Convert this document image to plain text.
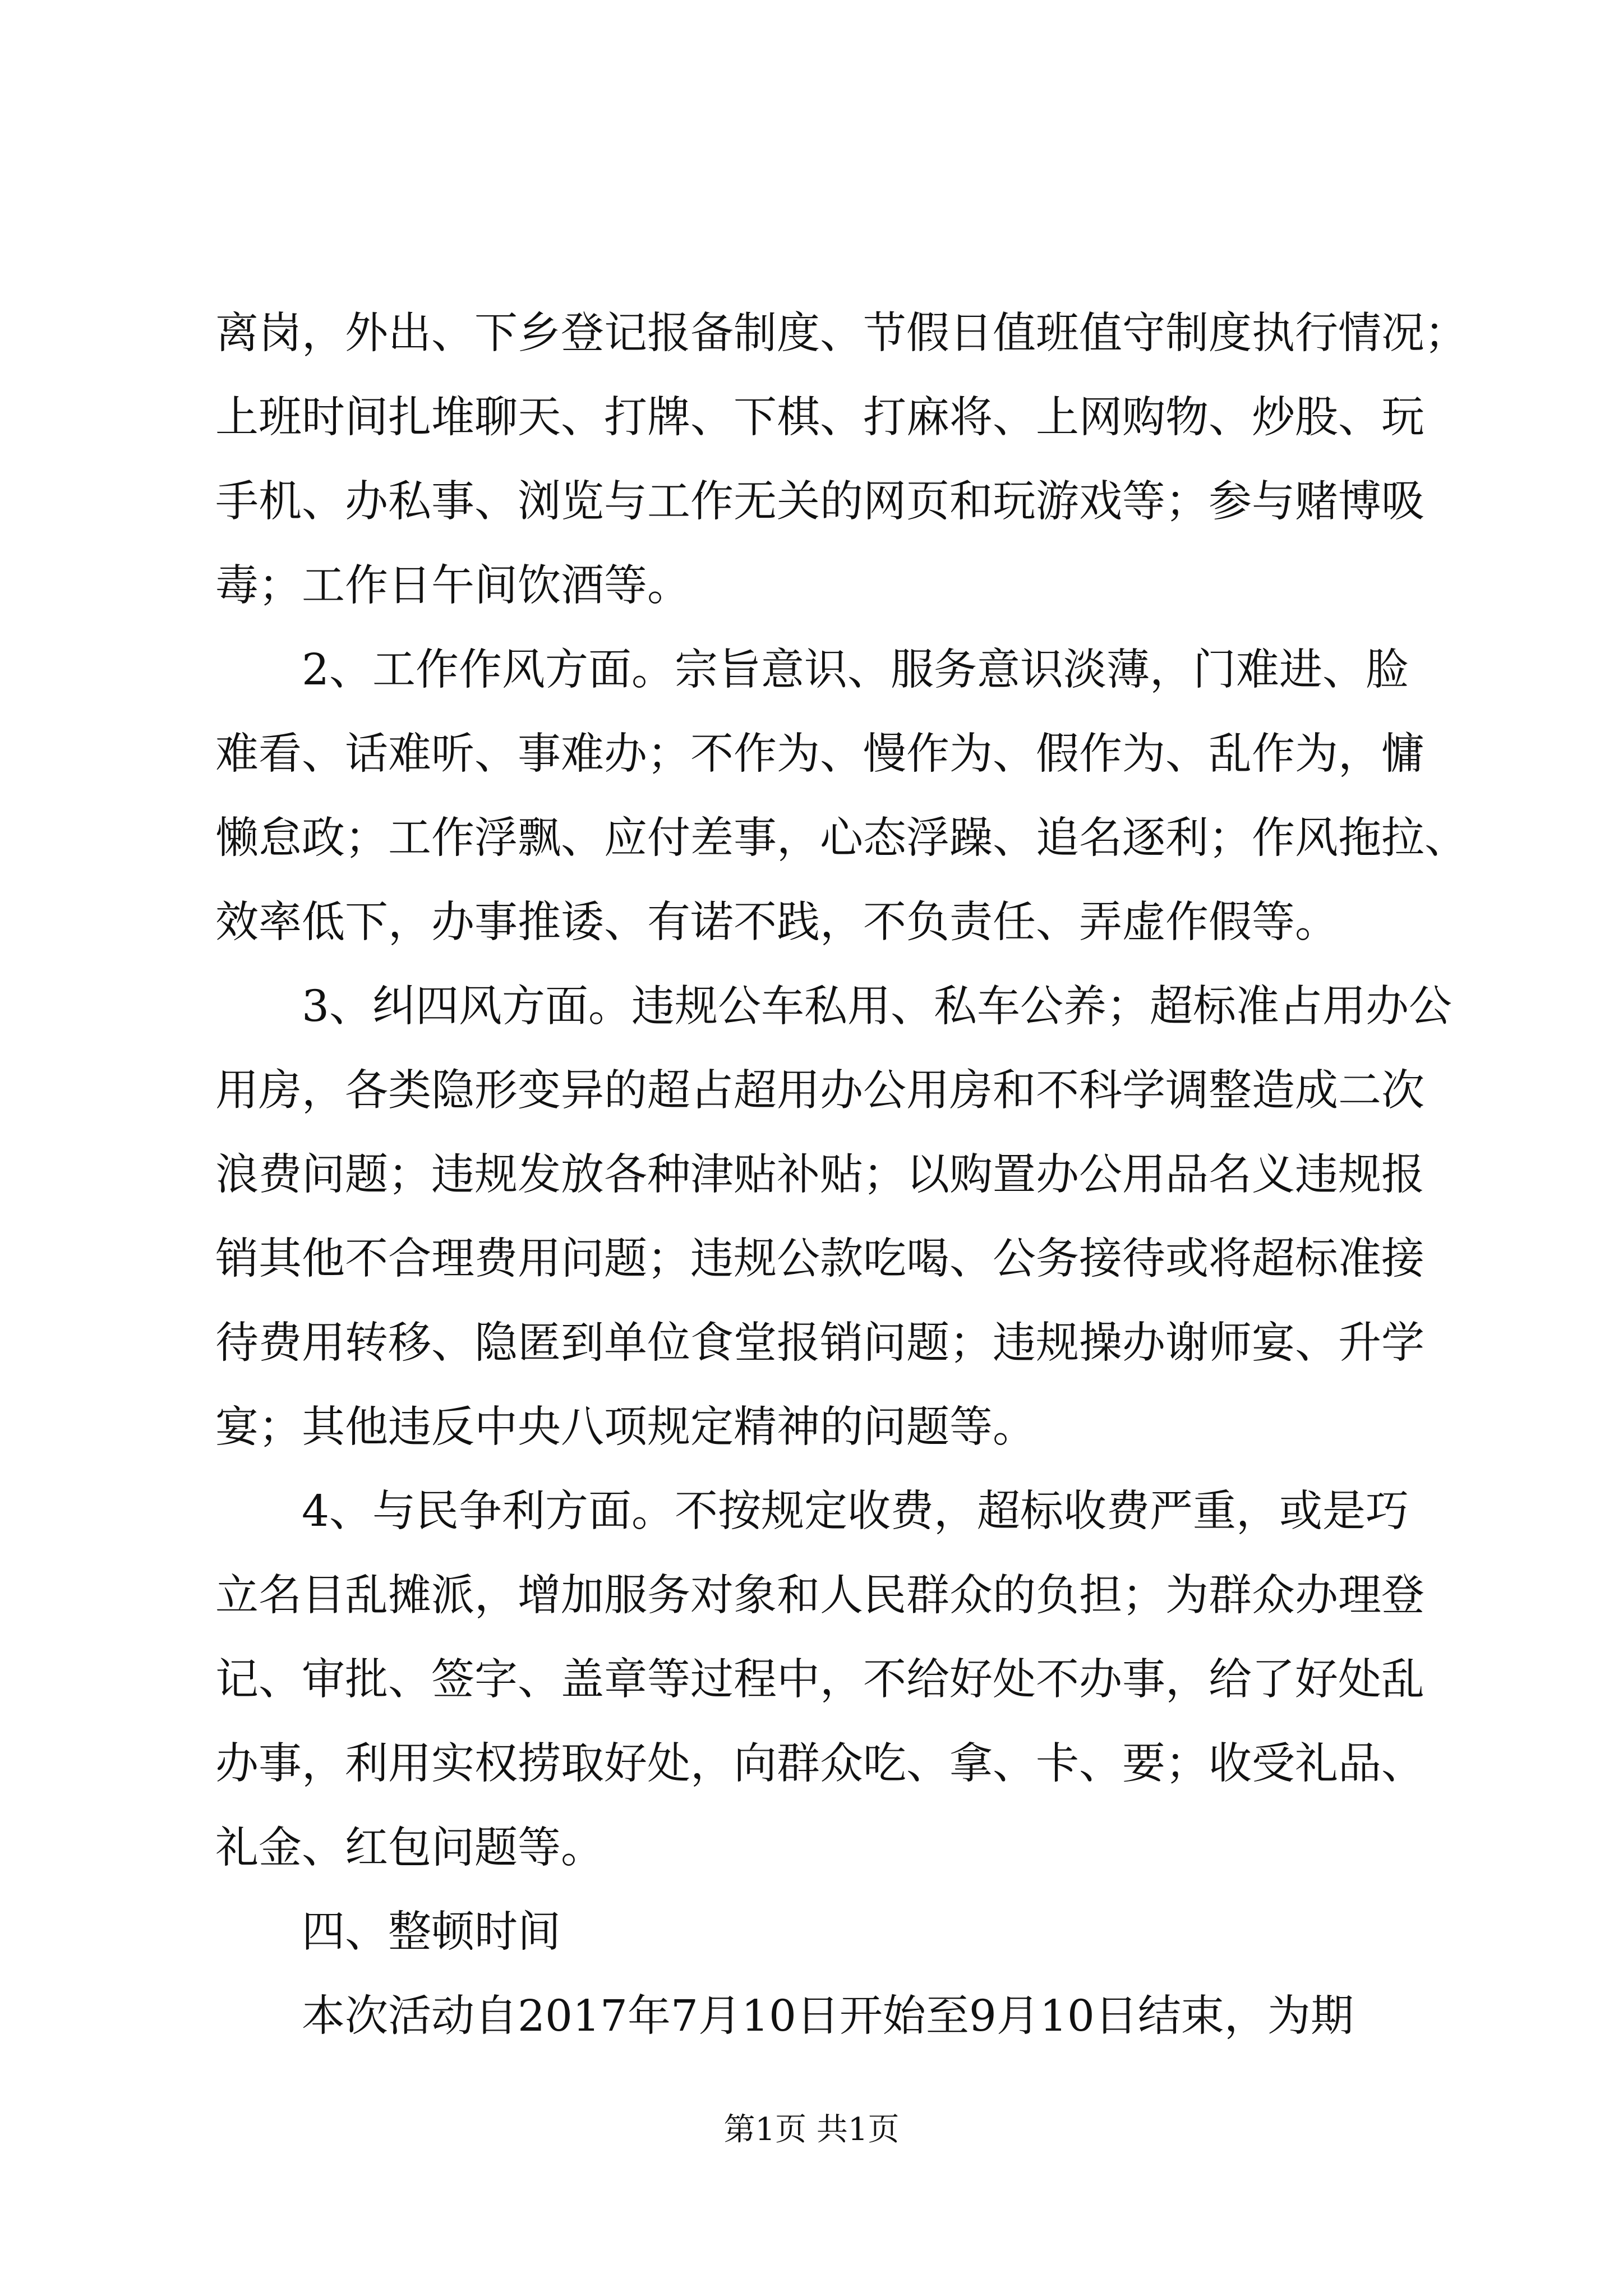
离岗，外出、下乡登记报备制度、节假日值班值守制度执行情况；
上班时间扎堆聊天、打牌、下棋、打麻将、上网购物、炒股、玩
手机、办私事、浏览与工作无关的网页和玩游戏等；参与赌博吸
毒；工作日午间饮酒等。
2、工作作风方面。宗旨意识、服务意识淡薄，门难进、脸
难看、话难听、事难办；不作为、慢作为、假作为、乱作为，慵
懒怠政；工作浮飘、应付差事，心态浮躁、追名逐利；作风拖拉、
效率低下，办事推诿、有诺不践，不负责任、弄虚作假等。
3、纠四风方面。违规公车私用、私车公养；超标准占用办公
用房，各类隐形变异的超占超用办公用房和不科学调整造成二次
浪费问题；违规发放各种津贴补贴；以购置办公用品名义违规报
销其他不合理费用问题；违规公款吃喝、公务接待或将超标准接
待费用转移、隐匿到单位食堂报销问题；违规操办谢师宴、升学
宴；其他违反中央八项规定精神的问题等。
4、与民争利方面。不按规定收费，超标收费严重，或是巧
立名目乱摊派，增加服务对象和人民群众的负担；为群众办理登
记、审批、签字、盖章等过程中，不给好处不办事，给了好处乱
办事，利用实权捞取好处，向群众吃、拿、卡、要；收受礼品、
礼金、红包问题等。
四、整顿时间
本次活动自2017年7月10日开始至9月10日结束，为期
第1页 共1页
